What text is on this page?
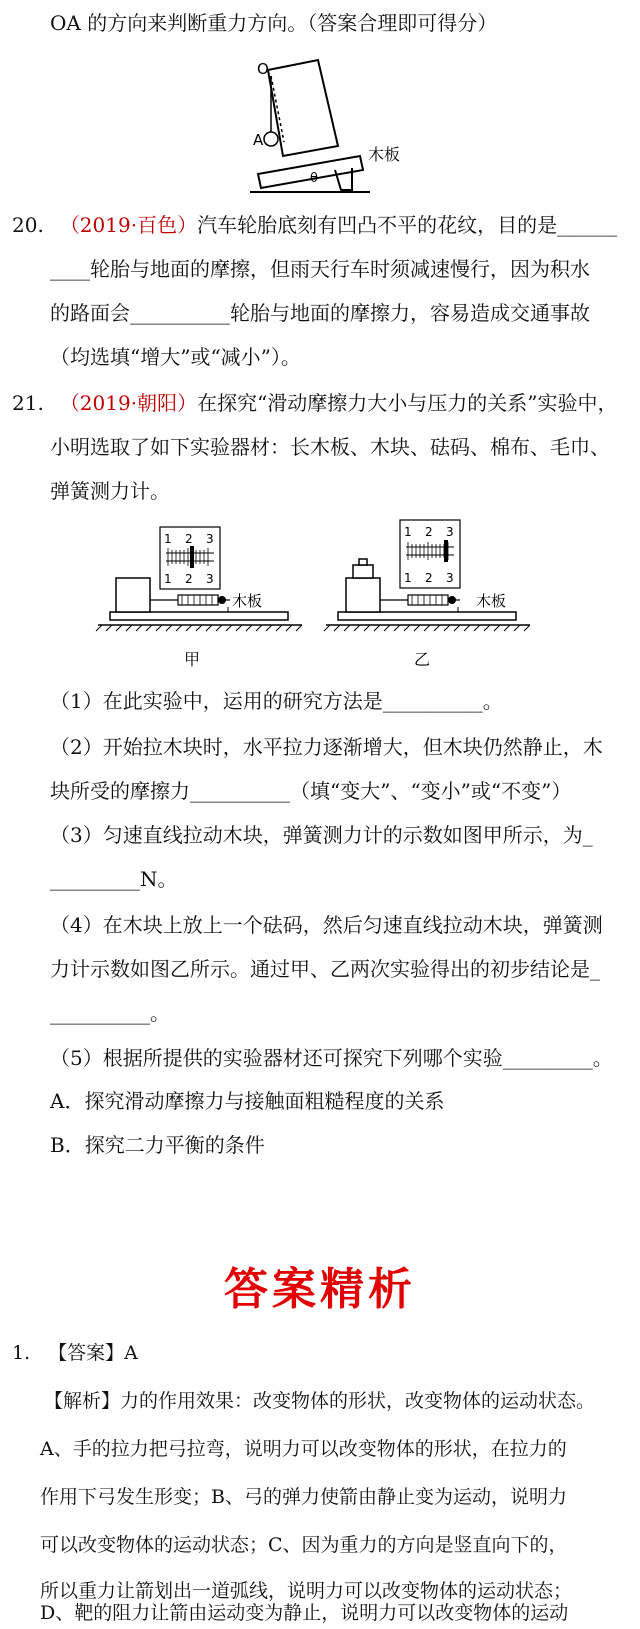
OA 的方向来判断重力方向。（答案合理即可得分）
O
A
θ
木板
20. （2019·百色）汽车轮胎底刻有凹凸不平的花纹，目的是______
____轮胎与地面的摩擦，但雨天行车时须减速慢行，因为积水
的路面会__________轮胎与地面的摩擦力，容易造成交通事故
（均选填“增大”或“减小”）。
21. （2019·朝阳）在探究“滑动摩擦力大小与压力的关系”实验中，
小明选取了如下实验器材：长木板、木块、砝码、棉布、毛巾、
弹簧测力计。
木板
1 2 3
1 2 3
甲
木板
1 2 3
1 2 3
乙
（1）在此实验中，运用的研究方法是__________。
（2）开始拉木块时，水平拉力逐渐增大，但木块仍然静止，木
块所受的摩擦力__________（填“变大”、“变小”或“不变”）
（3）匀速直线拉动木块，弹簧测力计的示数如图甲所示，为_
_________N。
（4）在木块上放上一个砝码，然后匀速直线拉动木块，弹簧测
力计示数如图乙所示。通过甲、乙两次实验得出的初步结论是_
__________。
（5）根据所提供的实验器材还可探究下列哪个实验_________。
A．探究滑动摩擦力与接触面粗糙程度的关系
B．探究二力平衡的条件
答案精析
1. 【答案】A
【解析】力的作用效果：改变物体的形状，改变物体的运动状态。
A、手的拉力把弓拉弯，说明力可以改变物体的形状，在拉力的
作用下弓发生形变；B、弓的弹力使箭由静止变为运动，说明力
可以改变物体的运动状态；C、因为重力的方向是竖直向下的，
所以重力让箭划出一道弧线，说明力可以改变物体的运动状态；
D、靶的阻力让箭由运动变为静止，说明力可以改变物体的运动
